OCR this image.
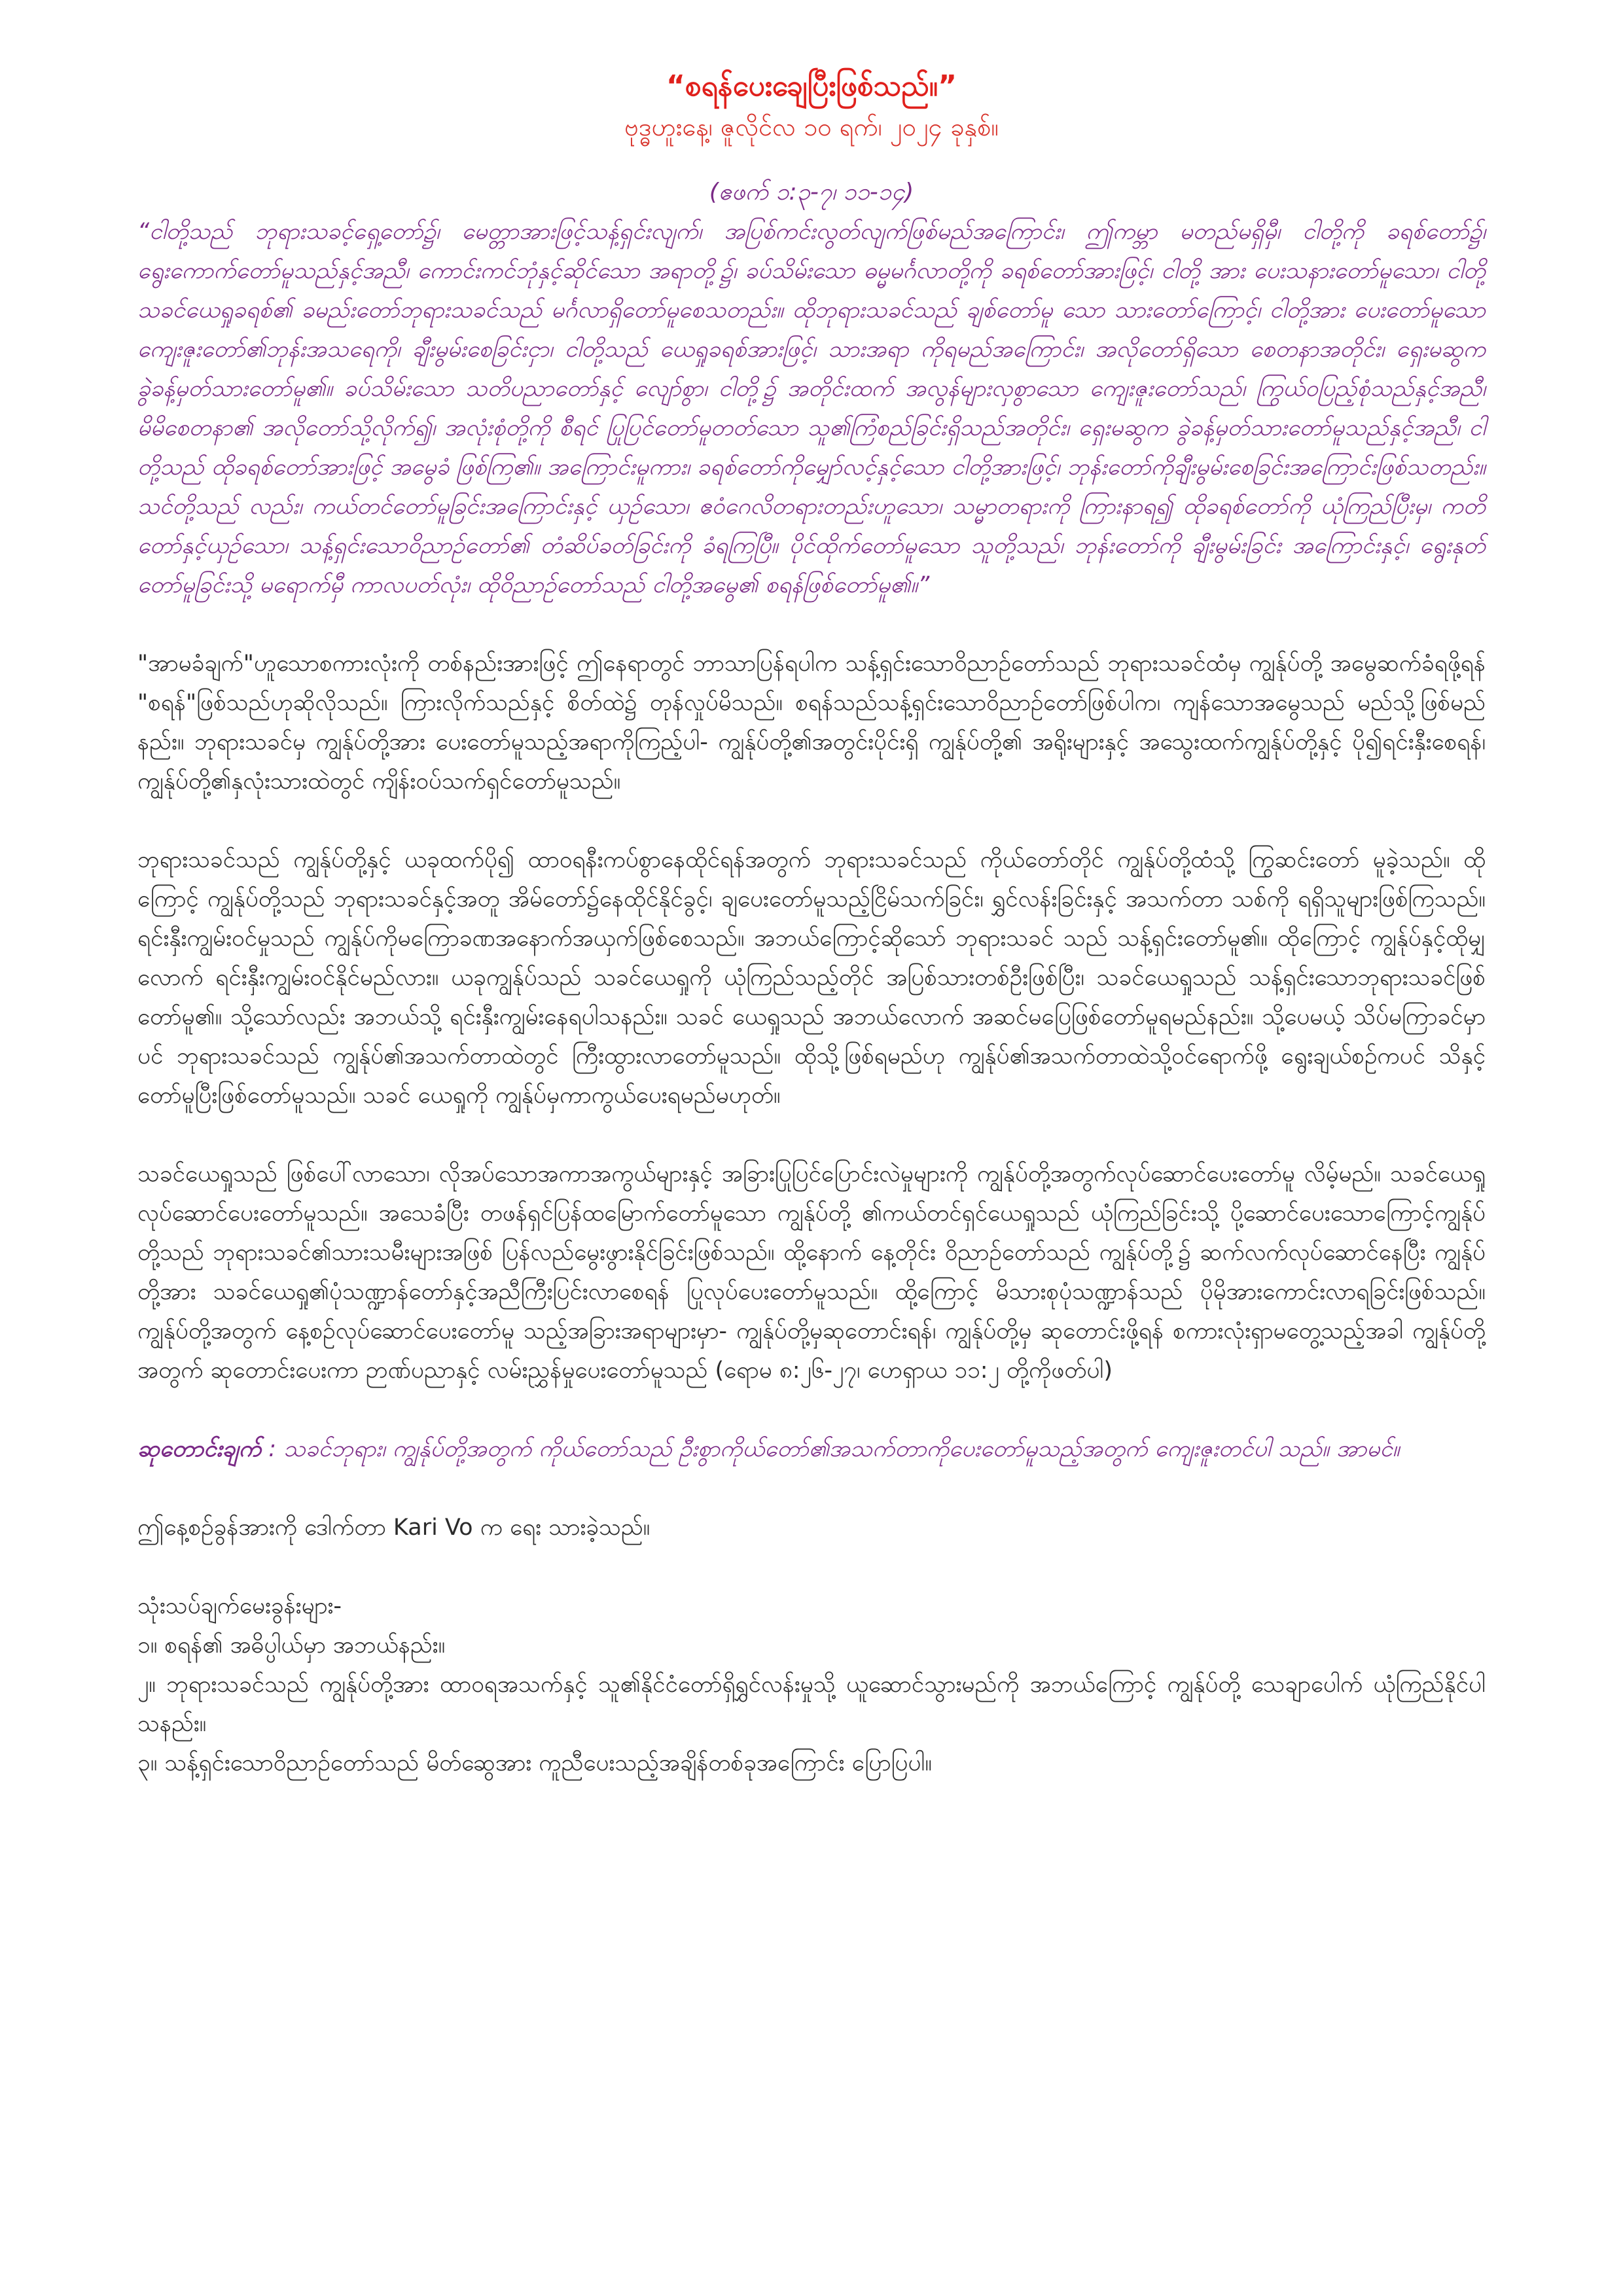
“စရန်ပေးချေပြီးဖြစ်သည်။”

ဗုဒ္ဓဟူးနေ့၊ ဇူလိုင်လ ၁၀ ရက်၊ ၂၀၂၄ ခုနှစ်။

(ဧဖက် ၁:၃-၇၊ ၁၁-၁၄)

“ငါတို့သည် ဘုရားသခင့်ရှေ့တော်၌၊ မေတ္တာအားဖြင့်သန့်ရှင်းလျက်၊ အပြစ်ကင်းလွတ်လျက်ဖြစ်မည်အကြောင်း၊ ဤကမ္ဘာ မတည်မရှိမှီ၊ ငါတို့ကို ခရစ်တော်၌၊ ရွေးကောက်တော်မူသည်နှင့်အညီ၊ ကောင်းကင်ဘုံနှင့်ဆိုင်သော အရာတို့၌၊ ခပ်သိမ်းသော ဓမ္မမင်္ဂလာတို့ကို ခရစ်တော်အားဖြင့်၊ ငါတို့ အား ပေးသနားတော်မူသော၊ ငါတို့သခင်ယေရှုခရစ်၏ ခမည်းတော်ဘုရားသခင်သည် မင်္ဂလာရှိတော်မူစေသတည်း။ ထိုဘုရားသခင်သည် ချစ်တော်မူ သော သားတော်ကြောင့်၊ ငါတို့အား ပေးတော်မူသော ကျေးဇူးတော်၏ဘုန်းအသရေကို၊ ချီးမွမ်းစေခြင်းငှာ၊ ငါတို့သည် ယေရှုခရစ်အားဖြင့်၊ သားအရာ ကိုရမည်အကြောင်း၊ အလိုတော်ရှိသော စေတနာအတိုင်း၊ ရှေးမဆွက ခွဲခန့်မှတ်သားတော်မူ၏။ ခပ်သိမ်းသော သတိပညာတော်နှင့် လျော်စွာ၊ ငါတို့၌ အတိုင်းထက် အလွန်များလှစွာသော ကျေးဇူးတော်သည်၊ ကြွယ်ဝပြည့်စုံသည်နှင့်အညီ၊ မိမိစေတနာ၏ အလိုတော်သို့လိုက်၍၊ အလုံးစုံတို့ကို စီရင် ပြုပြင်တော်မူတတ်သော သူ၏ကြံစည်ခြင်းရှိသည်အတိုင်း၊ ရှေးမဆွက ခွဲခန့်မှတ်သားတော်မူသည်နှင့်အညီ၊ ငါတို့သည် ထိုခရစ်တော်အားဖြင့် အမွေခံ ဖြစ်ကြ၏။ အကြောင်းမူကား၊ ခရစ်တော်ကိုမျှော်လင့်နှင့်သော ငါတို့အားဖြင့်၊ ဘုန်းတော်ကိုချီးမွမ်းစေခြင်းအကြောင်းဖြစ်သတည်း။ သင်တို့သည် လည်း၊ ကယ်တင်တော်မူခြင်းအကြောင်းနှင့် ယှဉ်သော၊ ဧဝံဂေလိတရားတည်းဟူသော၊ သမ္မာတရားကို ကြားနာရ၍ ထိုခရစ်တော်ကို ယုံကြည်ပြီးမှ၊ ကတိတော်နှင့်ယှဉ်သော၊ သန့်ရှင်းသောဝိညာဉ်တော်၏ တံဆိပ်ခတ်ခြင်းကို ခံရကြပြီ။ ပိုင်ထိုက်တော်မူသော သူတို့သည်၊ ဘုန်းတော်ကို ချီးမွမ်းခြင်း အကြောင်းနှင့်၊ ရွေးနုတ်တော်မူခြင်းသို့ မရောက်မှီ ကာလပတ်လုံး၊ ထိုဝိညာဉ်တော်သည် ငါတို့အမွေ၏ စရန်ဖြစ်တော်မူ၏။”

"အာမခံချက်"ဟူသောစကားလုံးကို တစ်နည်းအားဖြင့် ဤနေရာတွင် ဘာသာပြန်ရပါက သန့်ရှင်းသောဝိညာဉ်တော်သည် ဘုရားသခင်ထံမှ ကျွန်ုပ်တို့ အမွေဆက်ခံရဖို့ရန် "စရန်"ဖြစ်သည်ဟုဆိုလိုသည်။ ကြားလိုက်သည်နှင့် စိတ်ထဲ၌ တုန်လှုပ်မိသည်။ စရန်သည်သန့်ရှင်းသောဝိညာဉ်တော်ဖြစ်ပါက၊ ကျန်သောအမွေသည် မည်သို့ဖြစ်မည်နည်း။ ဘုရားသခင်မှ ကျွန်ုပ်တို့အား ပေးတော်မူသည့်အရာကိုကြည့်ပါ- ကျွန်ုပ်တို့၏အတွင်းပိုင်းရှိ ကျွန်ုပ်တို့၏ အရိုးများနှင့် အသွေးထက်ကျွန်ုပ်တို့နှင့် ပို၍ရင်းနှီးစေရန်၊ ကျွန်ုပ်တို့၏နှလုံးသားထဲတွင် ကျိန်းဝပ်သက်ရှင်တော်မူသည်။

ဘုရားသခင်သည် ကျွန်ုပ်တို့နှင့် ယခုထက်ပို၍ ထာဝရနီးကပ်စွာနေထိုင်ရန်အတွက် ဘုရားသခင်သည် ကိုယ်တော်တိုင် ကျွန်ုပ်တို့ထံသို့ ကြွဆင်းတော် မူခဲ့သည်။ ထိုကြောင့် ကျွန်ုပ်တို့သည် ဘုရားသခင်နှင့်အတူ အိမ်တော်၌နေထိုင်နိုင်ခွင့်၊ ချပေးတော်မူသည့်ငြိမ်သက်ခြင်း၊ ရွှင်လန်းခြင်းနှင့် အသက်တာ သစ်ကို ရရှိသူများဖြစ်ကြသည်။ ရင်းနှီးကျွမ်းဝင်မှုသည် ကျွန်ုပ်ကိုမကြောခဏအနောက်အယှက်ဖြစ်စေသည်။ အဘယ်ကြောင့်ဆိုသော် ဘုရားသခင် သည် သန့်ရှင်းတော်မူ၏။ ထိုကြောင့် ကျွန်ုပ်နှင့်ထိုမျှလောက် ရင်းနှီးကျွမ်းဝင်နိုင်မည်လား။ ယခုကျွန်ုပ်သည် သခင်ယေရှုကို ယုံကြည်သည့်တိုင် အပြစ်သားတစ်ဦးဖြစ်ပြီး၊ သခင်ယေရှုသည် သန့်ရှင်းသောဘုရားသခင်ဖြစ်တော်မူ၏။ သို့သော်လည်း အဘယ်သို့ ရင်းနှီးကျွမ်းနေရပါသနည်း။ သခင် ယေရှုသည် အဘယ်လောက် အဆင်မပြေဖြစ်တော်မူရမည်နည်း။ သို့ပေမယ့် သိပ်မကြာခင်မှာပင် ဘုရားသခင်သည် ကျွန်ုပ်၏အသက်တာထဲတွင် ကြီးထွားလာတော်မူသည်။ ထိုသို့ဖြစ်ရမည်ဟု ကျွန်ုပ်၏အသက်တာထဲသို့ဝင်ရောက်ဖို့ ရွေးချယ်စဉ်ကပင် သိနှင့်တော်မူပြီးဖြစ်တော်မူသည်။ သခင် ယေရှုကို ကျွန်ုပ်မှကာကွယ်ပေးရမည်မဟုတ်။

သခင်ယေရှုသည် ဖြစ်ပေါ်လာသော၊ လိုအပ်သောအကာအကွယ်များနှင့် အခြားပြုပြင်ပြောင်းလဲမှုများကို ကျွန်ုပ်တို့အတွက်လုပ်ဆောင်ပေးတော်မူ လိမ့်မည်။ သခင်ယေရှုလုပ်ဆောင်ပေးတော်မူသည်။ အသေခံပြီး တဖန်ရှင်ပြန်ထမြောက်တော်မူသော ကျွန်ုပ်တို့ ၏ကယ်တင်ရှင်ယေရှုသည် ယုံကြည်ခြင်းသို့ ပို့ဆောင်ပေးသောကြောင့်ကျွန်ုပ်တို့သည် ဘုရားသခင်၏သားသမီးများအဖြစ် ပြန်လည်မွေးဖွားနိုင်ခြင်းဖြစ်သည်။ ထို့နောက် နေ့တိုင်း ဝိညာဉ်တော်သည် ကျွန်ုပ်တို့၌ ဆက်လက်လုပ်ဆောင်နေပြီး ကျွန်ုပ်တို့အား သခင်ယေရှု၏ပုံသဏ္ဍာန်တော်နှင့်အညီကြီးပြင်းလာစေရန် ပြုလုပ်ပေးတော်မူသည်။ ထို့ကြောင့် မိသားစုပုံသဏ္ဍာန်သည် ပိုမိုအားကောင်းလာရခြင်းဖြစ်သည်။ ကျွန်ုပ်တို့အတွက် နေ့စဉ်လုပ်ဆောင်ပေးတော်မူ သည့်အခြားအရာများမှာ- ကျွန်ုပ်တို့မှဆုတောင်းရန်၊ ကျွန်ုပ်တို့မှ ဆုတောင်းဖို့ရန် စကားလုံးရှာမတွေ့သည့်အခါ ကျွန်ုပ်တို့အတွက် ဆုတောင်းပေးကာ ဉာဏ်ပညာနှင့် လမ်းညွှန်မှုပေးတော်မူသည် (ရောမ ၈:၂၆-၂၇၊ ဟေရှာယ ၁၁:၂ တို့ကိုဖတ်ပါ)

ဆုတောင်းချက် : သခင်ဘုရား၊ ကျွန်ုပ်တို့အတွက် ကိုယ်တော်သည် ဦးစွာကိုယ်တော်၏အသက်တာကိုပေးတော်မူသည့်အတွက် ကျေးဇူးတင်ပါ သည်။ အာမင်။

ဤနေ့စဉ်ခွန်အားကို ဒေါက်တာ Kari Vo က ရေး သားခဲ့သည်။

သုံးသပ်ချက်မေးခွန်းများ-

၁။ စရန်၏ အဓိပ္ပါယ်မှာ အဘယ်နည်း။

၂။ ဘုရားသခင်သည် ကျွန်ုပ်တို့အား ထာဝရအသက်နှင့် သူ၏နိုင်ငံတော်ရှိရွှင်လန်းမှုသို့ ယူဆောင်သွားမည်ကို အဘယ်ကြောင့် ကျွန်ုပ်တို့ သေချာပေါက် ယုံကြည်နိုင်ပါသနည်း။

၃။ သန့်ရှင်းသောဝိညာဉ်တော်သည် မိတ်ဆွေအား ကူညီပေးသည့်အချိန်တစ်ခုအကြောင်း ပြောပြပါ။
